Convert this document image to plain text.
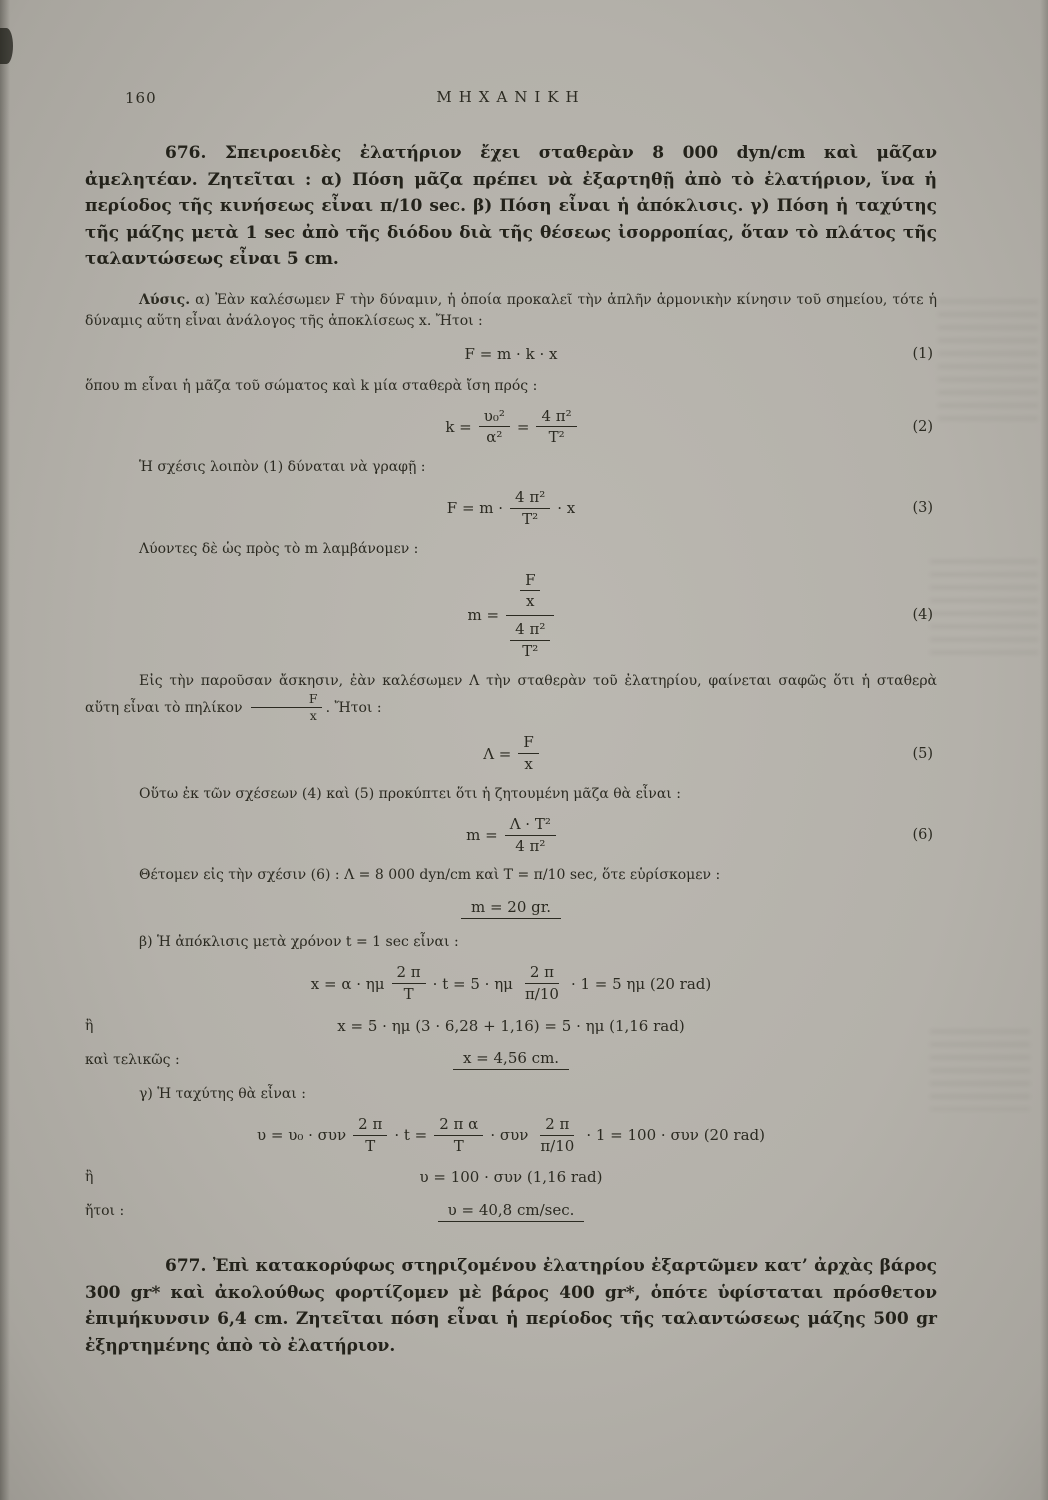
160	ΜΗΧΑΝΙΚΗ

676. Σπειροειδὲς ἐλατήριον ἔχει σταθερὰν 8 000 dyn/cm καὶ μᾶζαν ἀμελητέαν. Ζητεῖται : α) Πόση μᾶζα πρέπει νὰ ἐξαρτηθῇ ἀπὸ τὸ ἐλατήριον, ἵνα ἡ περίοδος τῆς κινήσεως εἶναι π/10 sec. β) Πόση εἶναι ἡ ἀπόκλισις. γ) Πόση ἡ ταχύτης τῆς μάζης μετὰ 1 sec ἀπὸ τῆς διόδου διὰ τῆς θέσεως ἰσορροπίας, ὅταν τὸ πλάτος τῆς ταλαντώσεως εἶναι 5 cm.

Λύσις. α) Ἐὰν καλέσωμεν F τὴν δύναμιν, ἡ ὁποία προκαλεῖ τὴν ἁπλῆν ἁρμονικὴν κίνησιν τοῦ σημείου, τότε ἡ δύναμις αὕτη εἶναι ἀνάλογος τῆς ἀποκλίσεως x. Ἤτοι :

F = m · k · x	(1)

ὅπου m εἶναι ἡ μᾶζα τοῦ σώματος καὶ k μία σταθερὰ ἴση πρός :

$k = \frac{\text{υ₀²}}{\text{α²}} = \frac{\text{4 π²}}{\text{T²}}$	(2)

Ἡ σχέσις λοιπὸν (1) δύναται νὰ γραφῇ :

$F = m \cdot \frac{\text{4 π²}}{\text{T²}} \cdot x$	(3)

Λύοντες δὲ ὡς πρὸς τὸ m λαμβάνομεν :

$m = \frac{\frac{F}{x}}{\frac{\text{4 π²}}{\text{T²}}}$	(4)

Εἰς τὴν παροῦσαν ἄσκησιν, ἐὰν καλέσωμεν Λ τὴν σταθερὰν τοῦ ἐλατηρίου, φαίνεται σαφῶς ὅτι ἡ σταθερὰ αὕτη εἶναι τὸ πηλίκον $\frac{F}{x}$ . Ἤτοι :

$\Lambda = \frac{F}{x}$	(5)

Οὕτω ἐκ τῶν σχέσεων (4) καὶ (5) προκύπτει ὅτι ἡ ζητουμένη μᾶζα θὰ εἶναι :

$m = \frac{\text{Λ · T²}}{\text{4 π²}}$	(6)

Θέτομεν εἰς τὴν σχέσιν (6) : Λ = 8 000 dyn/cm καὶ T = π/10 sec, ὅτε εὑρίσκομεν :

m = 20 gr.

β) Ἡ ἀπόκλισις μετὰ χρόνον t = 1 sec εἶναι :

x = α · ημ $\frac{2 \pi}{T} \cdot t = 5 \cdot \eta\mu \frac{2 \pi}{\pi/10} \cdot 1 = 5$ ημ (20 rad)
ἢ	x = 5 · ημ (3 · 6,28 + 1,16) = 5 · ημ (1,16 rad)
καὶ τελικῶς :	x = 4,56 cm.

γ) Ἡ ταχύτης θὰ εἶναι :

υ = υ₀ · συν $\frac{2 \pi}{T} \cdot t = \frac{\text{2 π α}}{T} \cdot \sigma\upsilon\nu \frac{2 \pi}{\pi/10} \cdot 1 = 100 \cdot \sigma\upsilon\nu$ (20 rad)
ἢ	υ = 100 · συν (1,16 rad)
ἤτοι :	υ = 40,8 cm/sec.

677. Ἐπὶ κατακορύφως στηριζομένου ἐλατηρίου ἐξαρτῶμεν κατ’ ἀρχὰς βάρος 300 gr* καὶ ἀκολούθως φορτίζομεν μὲ βάρος 400 gr*, ὁπότε ὑφίσταται πρόσθετον ἐπιμήκυνσιν 6,4 cm. Ζητεῖται πόση εἶναι ἡ περίοδος τῆς ταλαντώσεως μάζης 500 gr ἐξηρτημένης ἀπὸ τὸ ἐλατήριον.
